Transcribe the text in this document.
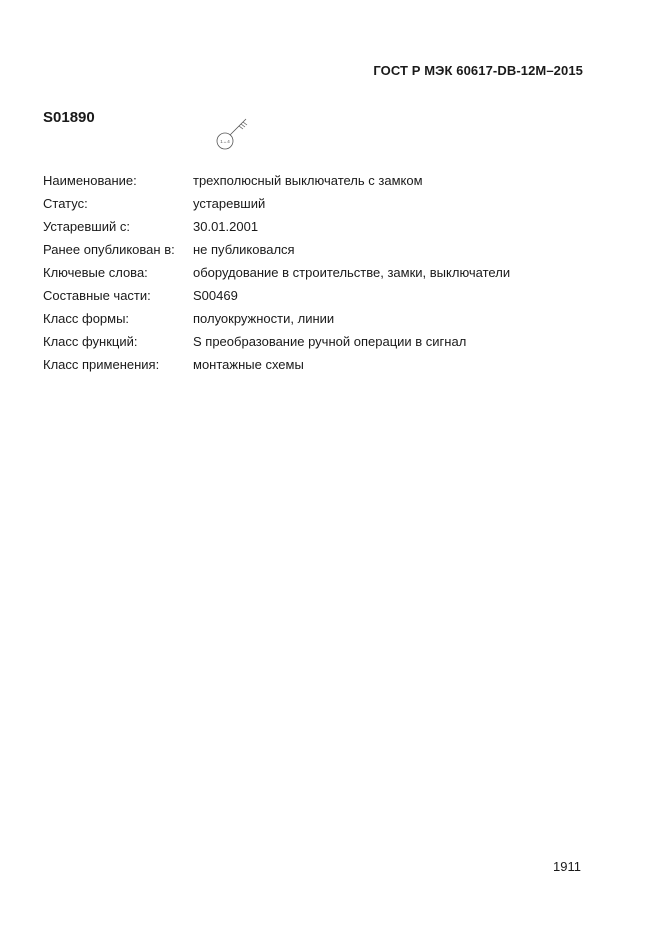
ГОСТ Р МЭК 60617-DB-12M–2015
S01890
1↔4
Наименование:	трехполюсный выключатель с замком
Статус:	устаревший
Устаревший с:	30.01.2001
Ранее опубликован в:	не публиковался
Ключевые слова:	оборудование в строительстве, замки, выключатели
Составные части:	S00469
Класс формы:	полуокружности, линии
Класс функций:	S преобразование ручной операции в сигнал
Класс применения:	монтажные схемы
1911
